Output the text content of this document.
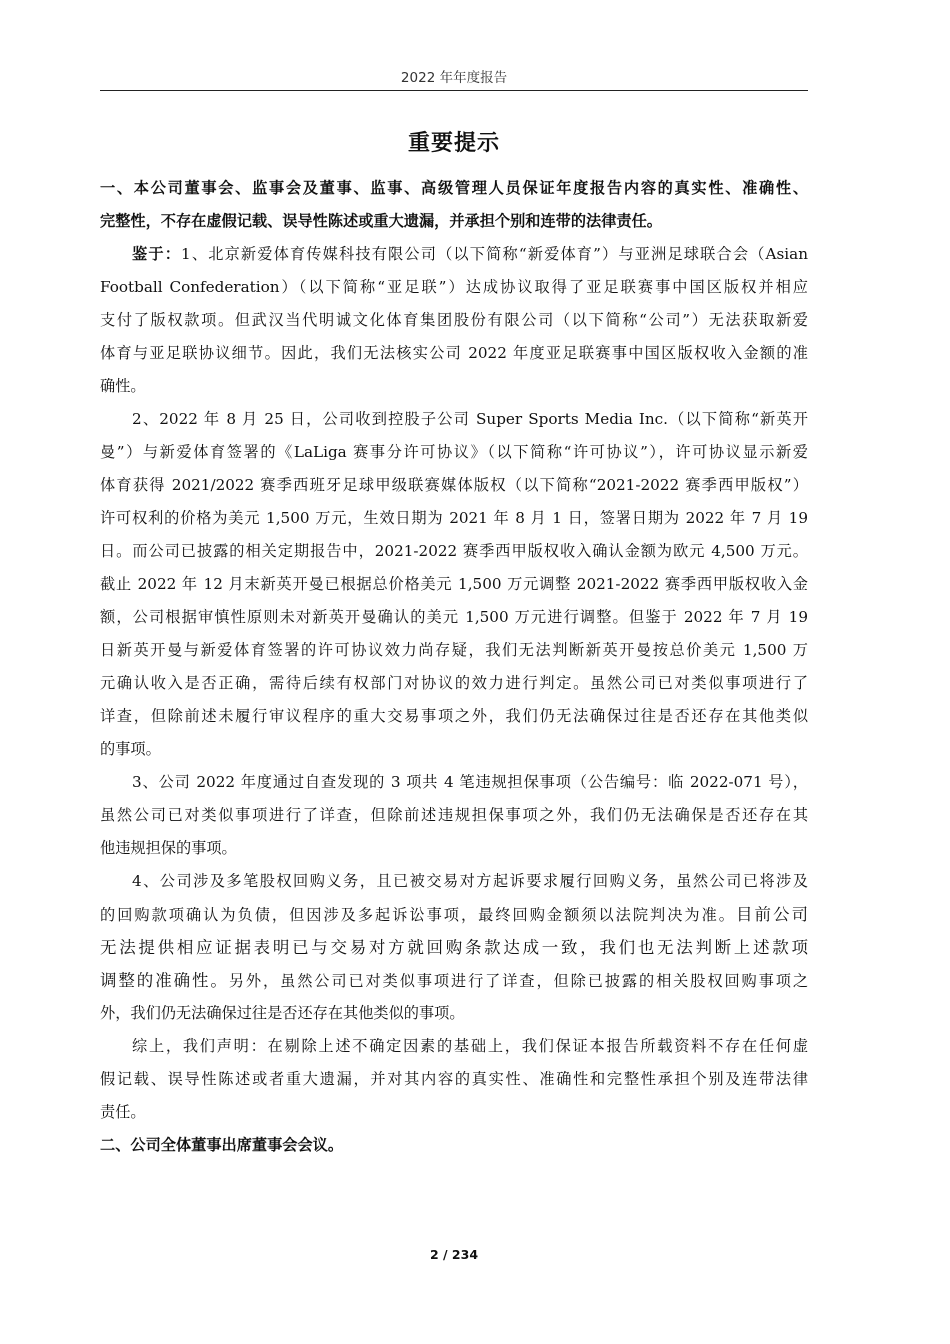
2022 年年度报告
重要提示
一、本公司董事会、监事会及董事、监事、高级管理人员保证年度报告内容的真实性、准确性、
完整性，不存在虚假记载、误导性陈述或重大遗漏，并承担个别和连带的法律责任。
鉴于：1、北京新爱体育传媒科技有限公司（以下简称“新爱体育”）与亚洲足球联合会（Asian
Football Confederation）（以下简称“亚足联”）达成协议取得了亚足联赛事中国区版权并相应
支付了版权款项。但武汉当代明诚文化体育集团股份有限公司（以下简称“公司”）无法获取新爱
体育与亚足联协议细节。因此，我们无法核实公司 2022 年度亚足联赛事中国区版权收入金额的准
确性。
2、2022 年 8 月 25 日，公司收到控股子公司 Super Sports Media Inc.（以下简称“新英开
曼”）与新爱体育签署的《LaLiga 赛事分许可协议》（以下简称“许可协议”），许可协议显示新爱
体育获得 2021/2022 赛季西班牙足球甲级联赛媒体版权（以下简称“2021-2022 赛季西甲版权”）
许可权利的价格为美元 1,500 万元，生效日期为 2021 年 8 月 1 日，签署日期为 2022 年 7 月 19
日。而公司已披露的相关定期报告中，2021-2022 赛季西甲版权收入确认金额为欧元 4,500 万元。
截止 2022 年 12 月末新英开曼已根据总价格美元 1,500 万元调整 2021-2022 赛季西甲版权收入金
额，公司根据审慎性原则未对新英开曼确认的美元 1,500 万元进行调整。但鉴于 2022 年 7 月 19
日新英开曼与新爱体育签署的许可协议效力尚存疑，我们无法判断新英开曼按总价美元 1,500 万
元确认收入是否正确，需待后续有权部门对协议的效力进行判定。虽然公司已对类似事项进行了
详查，但除前述未履行审议程序的重大交易事项之外，我们仍无法确保过往是否还存在其他类似
的事项。
3、公司 2022 年度通过自查发现的 3 项共 4 笔违规担保事项（公告编号：临 2022-071 号），
虽然公司已对类似事项进行了详查，但除前述违规担保事项之外，我们仍无法确保是否还存在其
他违规担保的事项。
4、公司涉及多笔股权回购义务，且已被交易对方起诉要求履行回购义务，虽然公司已将涉及
的回购款项确认为负债，但因涉及多起诉讼事项，最终回购金额须以法院判决为准。目前公司
无法提供相应证据表明已与交易对方就回购条款达成一致，我们也无法判断上述款项
调整的准确性。另外，虽然公司已对类似事项进行了详查，但除已披露的相关股权回购事项之
外，我们仍无法确保过往是否还存在其他类似的事项。
综上，我们声明：在剔除上述不确定因素的基础上，我们保证本报告所载资料不存在任何虚
假记载、误导性陈述或者重大遗漏，并对其内容的真实性、准确性和完整性承担个别及连带法律
责任。
二、公司全体董事出席董事会会议。
2 / 234
